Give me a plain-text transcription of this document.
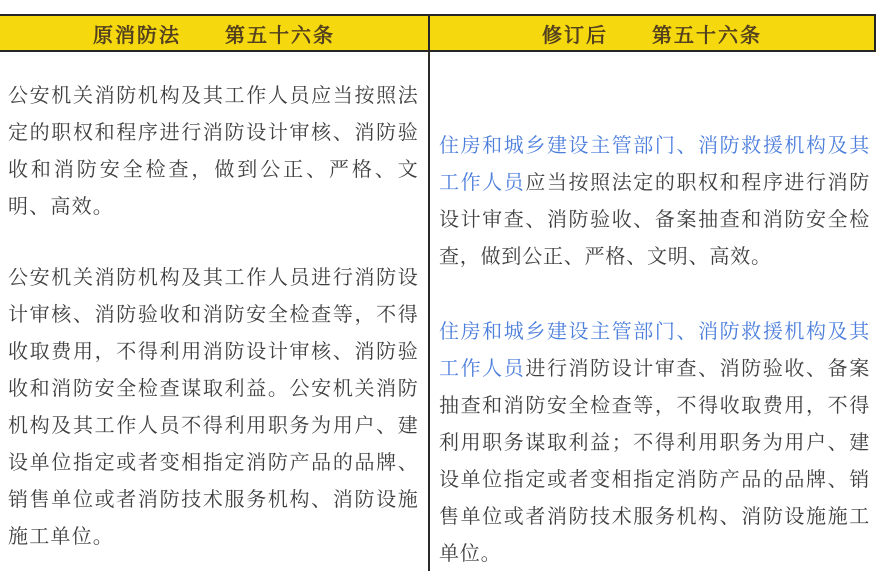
原消防法　　第五十六条	修订后　　第五十六条

公安机关消防机构及其工作人员应当按照法定的职权和程序进行消防设计审核、消防验收和消防安全检查，做到公正、严格、文明、高效。

公安机关消防机构及其工作人员进行消防设计审核、消防验收和消防安全检查等，不得收取费用，不得利用消防设计审核、消防验收和消防安全检查谋取利益。公安机关消防机构及其工作人员不得利用职务为用户、建设单位指定或者变相指定消防产品的品牌、销售单位或者消防技术服务机构、消防设施施工单位。

住房和城乡建设主管部门、消防救援机构及其工作人员应当按照法定的职权和程序进行消防设计审查、消防验收、备案抽查和消防安全检查，做到公正、严格、文明、高效。

住房和城乡建设主管部门、消防救援机构及其工作人员进行消防设计审查、消防验收、备案抽查和消防安全检查等，不得收取费用，不得利用职务谋取利益；不得利用职务为用户、建设单位指定或者变相指定消防产品的品牌、销售单位或者消防技术服务机构、消防设施施工单位。
